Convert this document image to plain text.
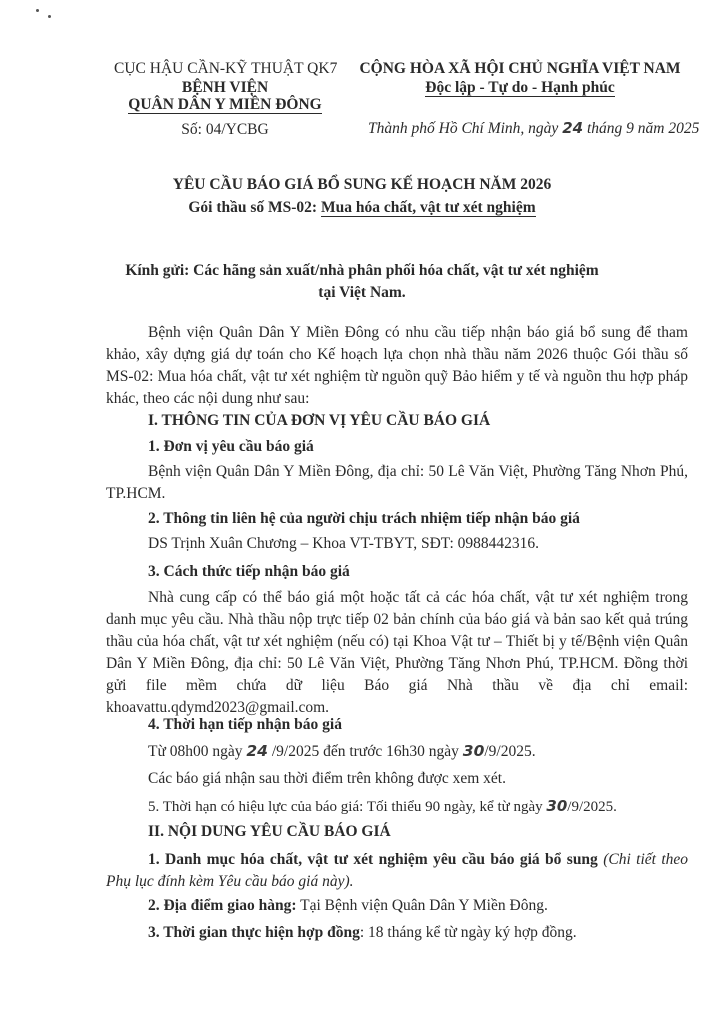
CỤC HẬU CẦN-KỸ THUẬT QK7
BỆNH VIỆN
QUÂN DÂN Y MIỀN ĐÔNG
Số: 04/YCBG
CỘNG HÒA XÃ HỘI CHỦ NGHĨA VIỆT NAM
Độc lập - Tự do - Hạnh phúc
Thành phố Hồ Chí Minh, ngày 24 tháng 9 năm 2025
YÊU CẦU BÁO GIÁ BỔ SUNG KẾ HOẠCH NĂM 2026
Gói thầu số MS-02: Mua hóa chất, vật tư xét nghiệm
Kính gửi: Các hãng sản xuất/nhà phân phối hóa chất, vật tư xét nghiệm
tại Việt Nam.
Bệnh viện Quân Dân Y Miền Đông có nhu cầu tiếp nhận báo giá bổ sung để tham khảo, xây dựng giá dự toán cho Kế hoạch lựa chọn nhà thầu năm 2026 thuộc Gói thầu số MS-02: Mua hóa chất, vật tư xét nghiệm từ nguồn quỹ Bảo hiểm y tế và nguồn thu hợp pháp khác, theo các nội dung như sau:
I. THÔNG TIN CỦA ĐƠN VỊ YÊU CẦU BÁO GIÁ
1. Đơn vị yêu cầu báo giá
Bệnh viện Quân Dân Y Miền Đông, địa chỉ: 50 Lê Văn Việt, Phường Tăng Nhơn Phú, TP.HCM.
2. Thông tin liên hệ của người chịu trách nhiệm tiếp nhận báo giá
DS Trịnh Xuân Chương – Khoa VT-TBYT, SĐT: 0988442316.
3. Cách thức tiếp nhận báo giá
Nhà cung cấp có thể báo giá một hoặc tất cả các hóa chất, vật tư xét nghiệm trong danh mục yêu cầu. Nhà thầu nộp trực tiếp 02 bản chính của báo giá và bản sao kết quả trúng thầu của hóa chất, vật tư xét nghiệm (nếu có) tại Khoa Vật tư – Thiết bị y tế/Bệnh viện Quân Dân Y Miền Đông, địa chỉ: 50 Lê Văn Việt, Phường Tăng Nhơn Phú, TP.HCM. Đồng thời gửi file mềm chứa dữ liệu Báo giá Nhà thầu về địa chỉ email: khoavattu.qdymd2023@gmail.com.
4. Thời hạn tiếp nhận báo giá
Từ 08h00 ngày 24 /9/2025 đến trước 16h30 ngày 30/9/2025.
Các báo giá nhận sau thời điểm trên không được xem xét.
5. Thời hạn có hiệu lực của báo giá: Tối thiểu 90 ngày, kể từ ngày 30/9/2025.
II. NỘI DUNG YÊU CẦU BÁO GIÁ
1. Danh mục hóa chất, vật tư xét nghiệm yêu cầu báo giá bổ sung (Chi tiết theo Phụ lục đính kèm Yêu cầu báo giá này).
2. Địa điểm giao hàng: Tại Bệnh viện Quân Dân Y Miền Đông.
3. Thời gian thực hiện hợp đồng: 18 tháng kể từ ngày ký hợp đồng.
